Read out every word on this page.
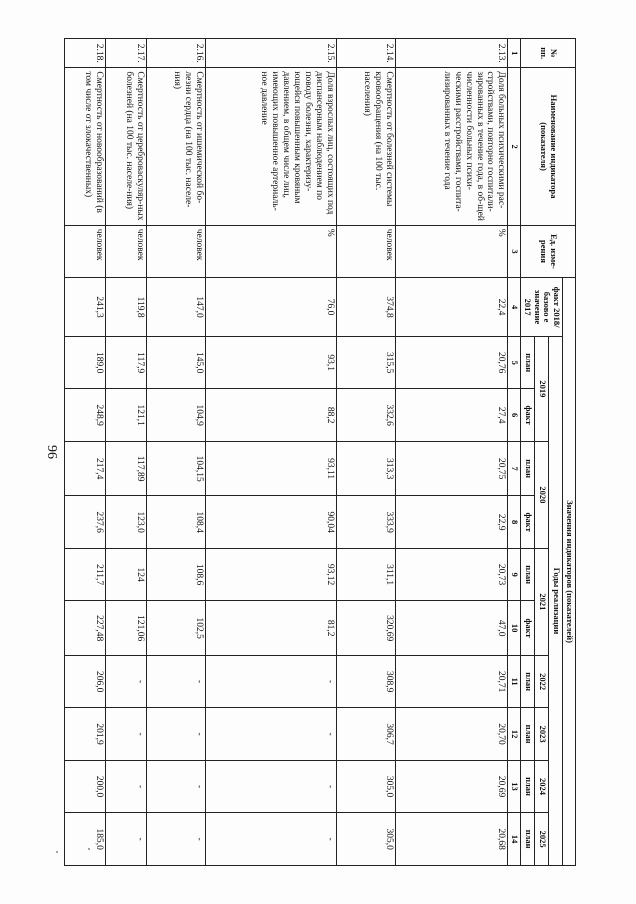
96
№ пп.	Наименование индикатора (показателя)	Ед. изме-рения	Значения индикаторов (показателей)										
			факт 2018/базово е значение 2017	Годы реализации									
				2019		2020		2021		2022	2023	2024	2025
				план	факт	план	факт	план	факт	план	план	план	план
1	2	3	4	5	6	7	8	9	10	11	12	13	14
2.13.	Доля больных психическими рас-стройствами, повторно госпитали-зированных в течение года, в об-щей численности больных психи-ческими расстройствами, госпита-лизированных в течение года	%	22,4	20,76	27,4	20,75	22,9	20,73	47,0	20,71	20,70	20,69	20,68
2.14.	Смертность от болезней системы кровообращения (на 100 тыс. населения)	человек	374,8	315,5	332,6	313,3	333,9	311,1	320,69	308,9	306,7	305,0	305,0
2.15.	Доля взрослых лиц, состоящих под диспансерным наблюдением по поводу болезни, характеризу-ющейся повышенным кровяным давлением, в общем числе лиц, имеющих повышенное артериаль-ное давление	%	76,0	93,1	88,2	93,11	90,04	93,12	81,2	-	-	-	-
2.16.	Смертность от ишемической бо-лезни сердца (на 100 тыс. населе-ния)	человек	147,0	145,0	104,9	104,15	108,4	108,6	102,5	-	-	-	-
2.17.	Смертность от цереброваскуляр-ных болезней (на 100 тыс. населе-ния)	человек	119,8	117,9	121,1	117,89	123,0	124	121,06	-	-	-	-
2.18.	Смертность от новообразований (в том числе от злокачественных)	человек	241,3	189,0	248,9	217,4	237,6	211,7	227,48	206,0	201,9	200,0	185,0
